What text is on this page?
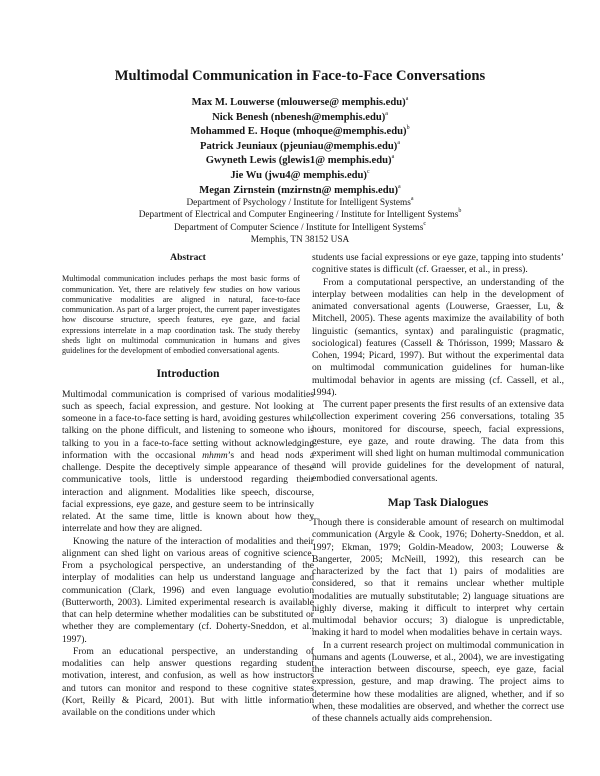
Multimodal Communication in Face-to-Face Conversations
Max M. Louwerse (mlouwerse@ memphis.edu)$^a$
Nick Benesh (nbenesh@memphis.edu)$^a$
Mohammed E. Hoque (mhoque@memphis.edu)$^b$
Patrick Jeuniaux (pjeuniau@memphis.edu)$^a$
Gwyneth Lewis (glewis1@ memphis.edu)$^a$
Jie Wu (jwu4@ memphis.edu)$^c$
Megan Zirnstein (mzirnstn@ memphis.edu)$^a$
Department of Psychology / Institute for Intelligent Systems$^a$
Department of Electrical and Computer Engineering / Institute for Intelligent Systems$^b$
Department of Computer Science / Institute for Intelligent Systems$^c$
Memphis, TN 38152 USA
Abstract

Multimodal communication includes perhaps the most basic forms of communication. Yet, there are relatively few studies on how various communicative modalities are aligned in natural, face-to-face communication. As part of a larger project, the current paper investigates how discourse structure, speech features, eye gaze, and facial expressions interrelate in a map coordination task. The study thereby sheds light on multimodal communication in humans and gives guidelines for the development of embodied conversational agents.

Introduction

Multimodal communication is comprised of various modalities such as speech, facial expression, and gesture. Not looking at someone in a face-to-face setting is hard, avoiding gestures while talking on the phone difficult, and listening to someone who is talking to you in a face-to-face setting without acknowledging information with the occasional mhmm’s and head nods a challenge. Despite the deceptively simple appearance of these communicative tools, little is understood regarding their interaction and alignment. Modalities like speech, discourse, facial expressions, eye gaze, and gesture seem to be intrinsically related. At the same time, little is known about how they interrelate and how they are aligned.

Knowing the nature of the interaction of modalities and their alignment can shed light on various areas of cognitive science. From a psychological perspective, an understanding of the interplay of modalities can help us understand language and communication (Clark, 1996) and even language evolution (Butterworth, 2003). Limited experimental research is available that can help determine whether modalities can be substituted or whether they are complementary (cf. Doherty-Sneddon, et al., 1997).

From an educational perspective, an understanding of modalities can help answer questions regarding student motivation, interest, and confusion, as well as how instructors and tutors can monitor and respond to these cognitive states (Kort, Reilly & Picard, 2001). But with little information available on the conditions under which

students use facial expressions or eye gaze, tapping into students’ cognitive states is difficult (cf. Graesser, et al., in press).

From a computational perspective, an understanding of the interplay between modalities can help in the development of animated conversational agents (Louwerse, Graesser, Lu, & Mitchell, 2005). These agents maximize the availability of both linguistic (semantics, syntax) and paralinguistic (pragmatic, sociological) features (Cassell & Thórisson, 1999; Massaro & Cohen, 1994; Picard, 1997). But without the experimental data on multimodal communication guidelines for human-like multimodal behavior in agents are missing (cf. Cassell, et al., 1994).

The current paper presents the first results of an extensive data collection experiment covering 256 conversations, totaling 35 hours, monitored for discourse, speech, facial expressions, gesture, eye gaze, and route drawing. The data from this experiment will shed light on human multimodal communication and will provide guidelines for the development of natural, embodied conversational agents.

Map Task Dialogues

Though there is considerable amount of research on multimodal communication (Argyle & Cook, 1976; Doherty-Sneddon, et al. 1997; Ekman, 1979; Goldin-Meadow, 2003; Louwerse & Bangerter, 2005; McNeill, 1992), this research can be characterized by the fact that 1) pairs of modalities are considered, so that it remains unclear whether multiple modalities are mutually substitutable; 2) language situations are highly diverse, making it difficult to interpret why certain multimodal behavior occurs; 3) dialogue is unpredictable, making it hard to model when modalities behave in certain ways.

In a current research project on multimodal communication in humans and agents (Louwerse, et al., 2004), we are investigating the interaction between discourse, speech, eye gaze, facial expression, gesture, and map drawing. The project aims to determine how these modalities are aligned, whether, and if so when, these modalities are observed, and whether the correct use of these channels actually aids comprehension.
